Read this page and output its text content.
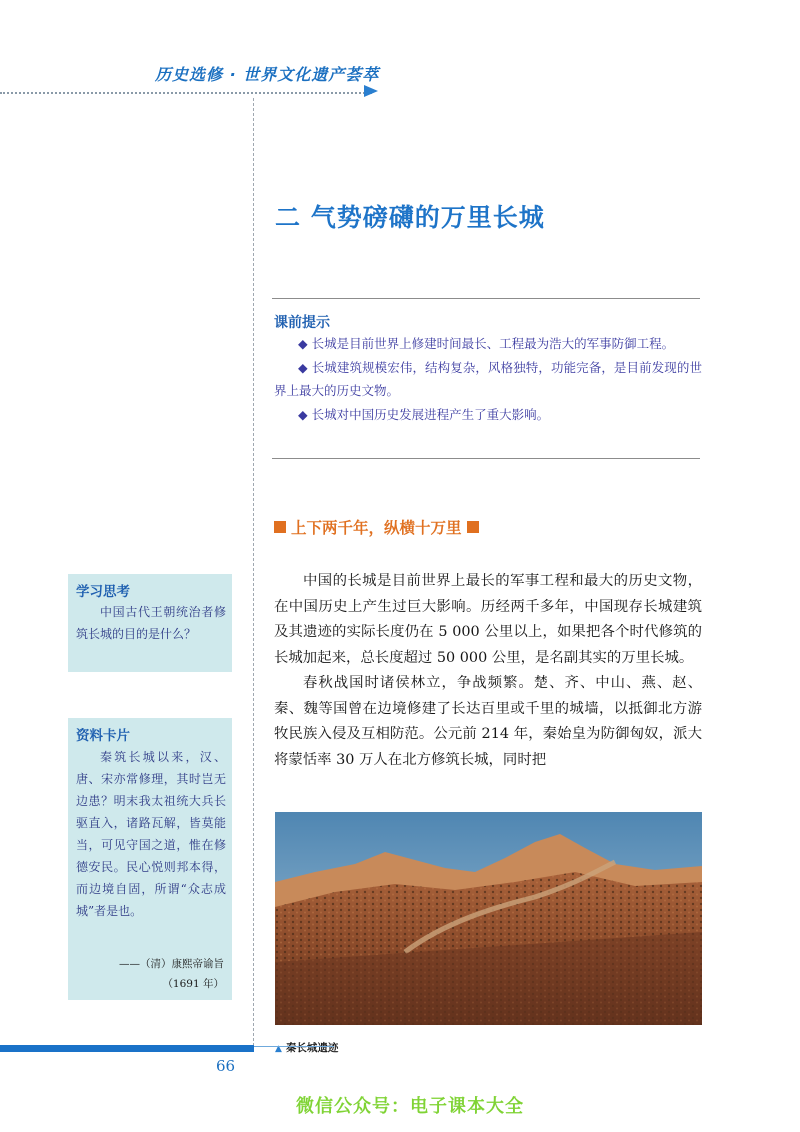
历史选修 · 世界文化遗产荟萃
二 气势磅礴的万里长城
课前提示

◆ 长城是目前世界上修建时间最长、工程最为浩大的军事防御工程。

◆ 长城建筑规模宏伟，结构复杂，风格独特，功能完备，是目前发现的世界上最大的历史文物。

◆ 长城对中国历史发展进程产生了重大影响。

上下两千年，纵横十万里

中国的长城是目前世界上最长的军事工程和最大的历史文物，在中国历史上产生过巨大影响。历经两千多年，中国现存长城建筑及其遗迹的实际长度仍在 5 000 公里以上，如果把各个时代修筑的长城加起来，总长度超过 50 000 公里，是名副其实的万里长城。

春秋战国时诸侯林立，争战频繁。楚、齐、中山、燕、赵、秦、魏等国曾在边境修建了长达百里或千里的城墙，以抵御北方游牧民族入侵及互相防范。公元前 214 年，秦始皇为防御匈奴，派大将蒙恬率 30 万人在北方修筑长城，同时把

▲ 秦长城遗迹
学习思考
中国古代王朝统治者修筑长城的目的是什么？
资料卡片
秦筑长城以来，汉、唐、宋亦常修理，其时岂无边患？明末我太祖统大兵长驱直入，诸路瓦解，皆莫能当，可见守国之道，惟在修德安民。民心悦则邦本得，而边境自固，所谓“众志成城”者是也。
——（清）康熙帝谕旨
（1691 年）
66
微信公众号：电子课本大全
